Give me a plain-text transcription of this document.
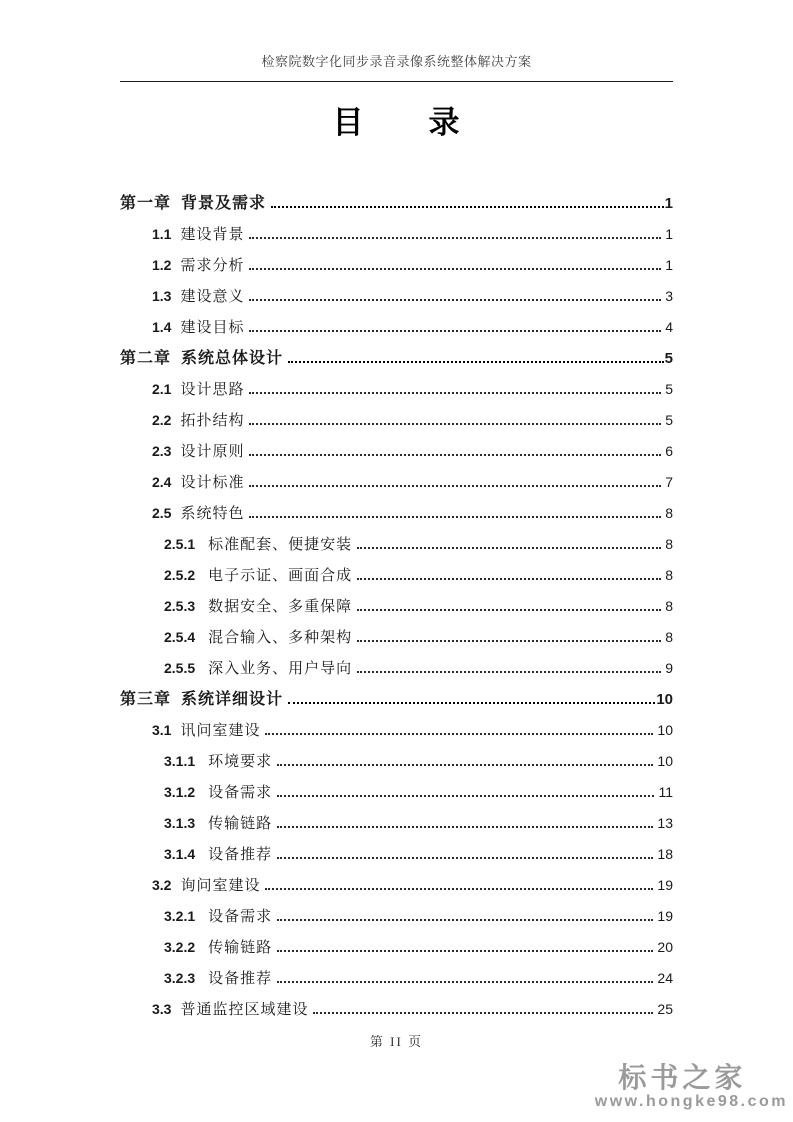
检察院数字化同步录音录像系统整体解决方案
目　　录
第一章 背景及需求	1
1.1 建设背景	1
1.2 需求分析	1
1.3 建设意义	3
1.4 建设目标	4
第二章 系统总体设计	5
2.1 设计思路	5
2.2 拓扑结构	5
2.3 设计原则	6
2.4 设计标准	7
2.5 系统特色	8
2.5.1 标准配套、便捷安装	8
2.5.2 电子示证、画面合成	8
2.5.3 数据安全、多重保障	8
2.5.4 混合输入、多种架构	8
2.5.5 深入业务、用户导向	9
第三章 系统详细设计	10
3.1 讯问室建设	10
3.1.1 环境要求	10
3.1.2 设备需求	11
3.1.3 传输链路	13
3.1.4 设备推荐	18
3.2 询问室建设	19
3.2.1 设备需求	19
3.2.2 传输链路	20
3.2.3 设备推荐	24
3.3 普通监控区域建设	25
第 II 页
标书之家
www.hongke98.com
